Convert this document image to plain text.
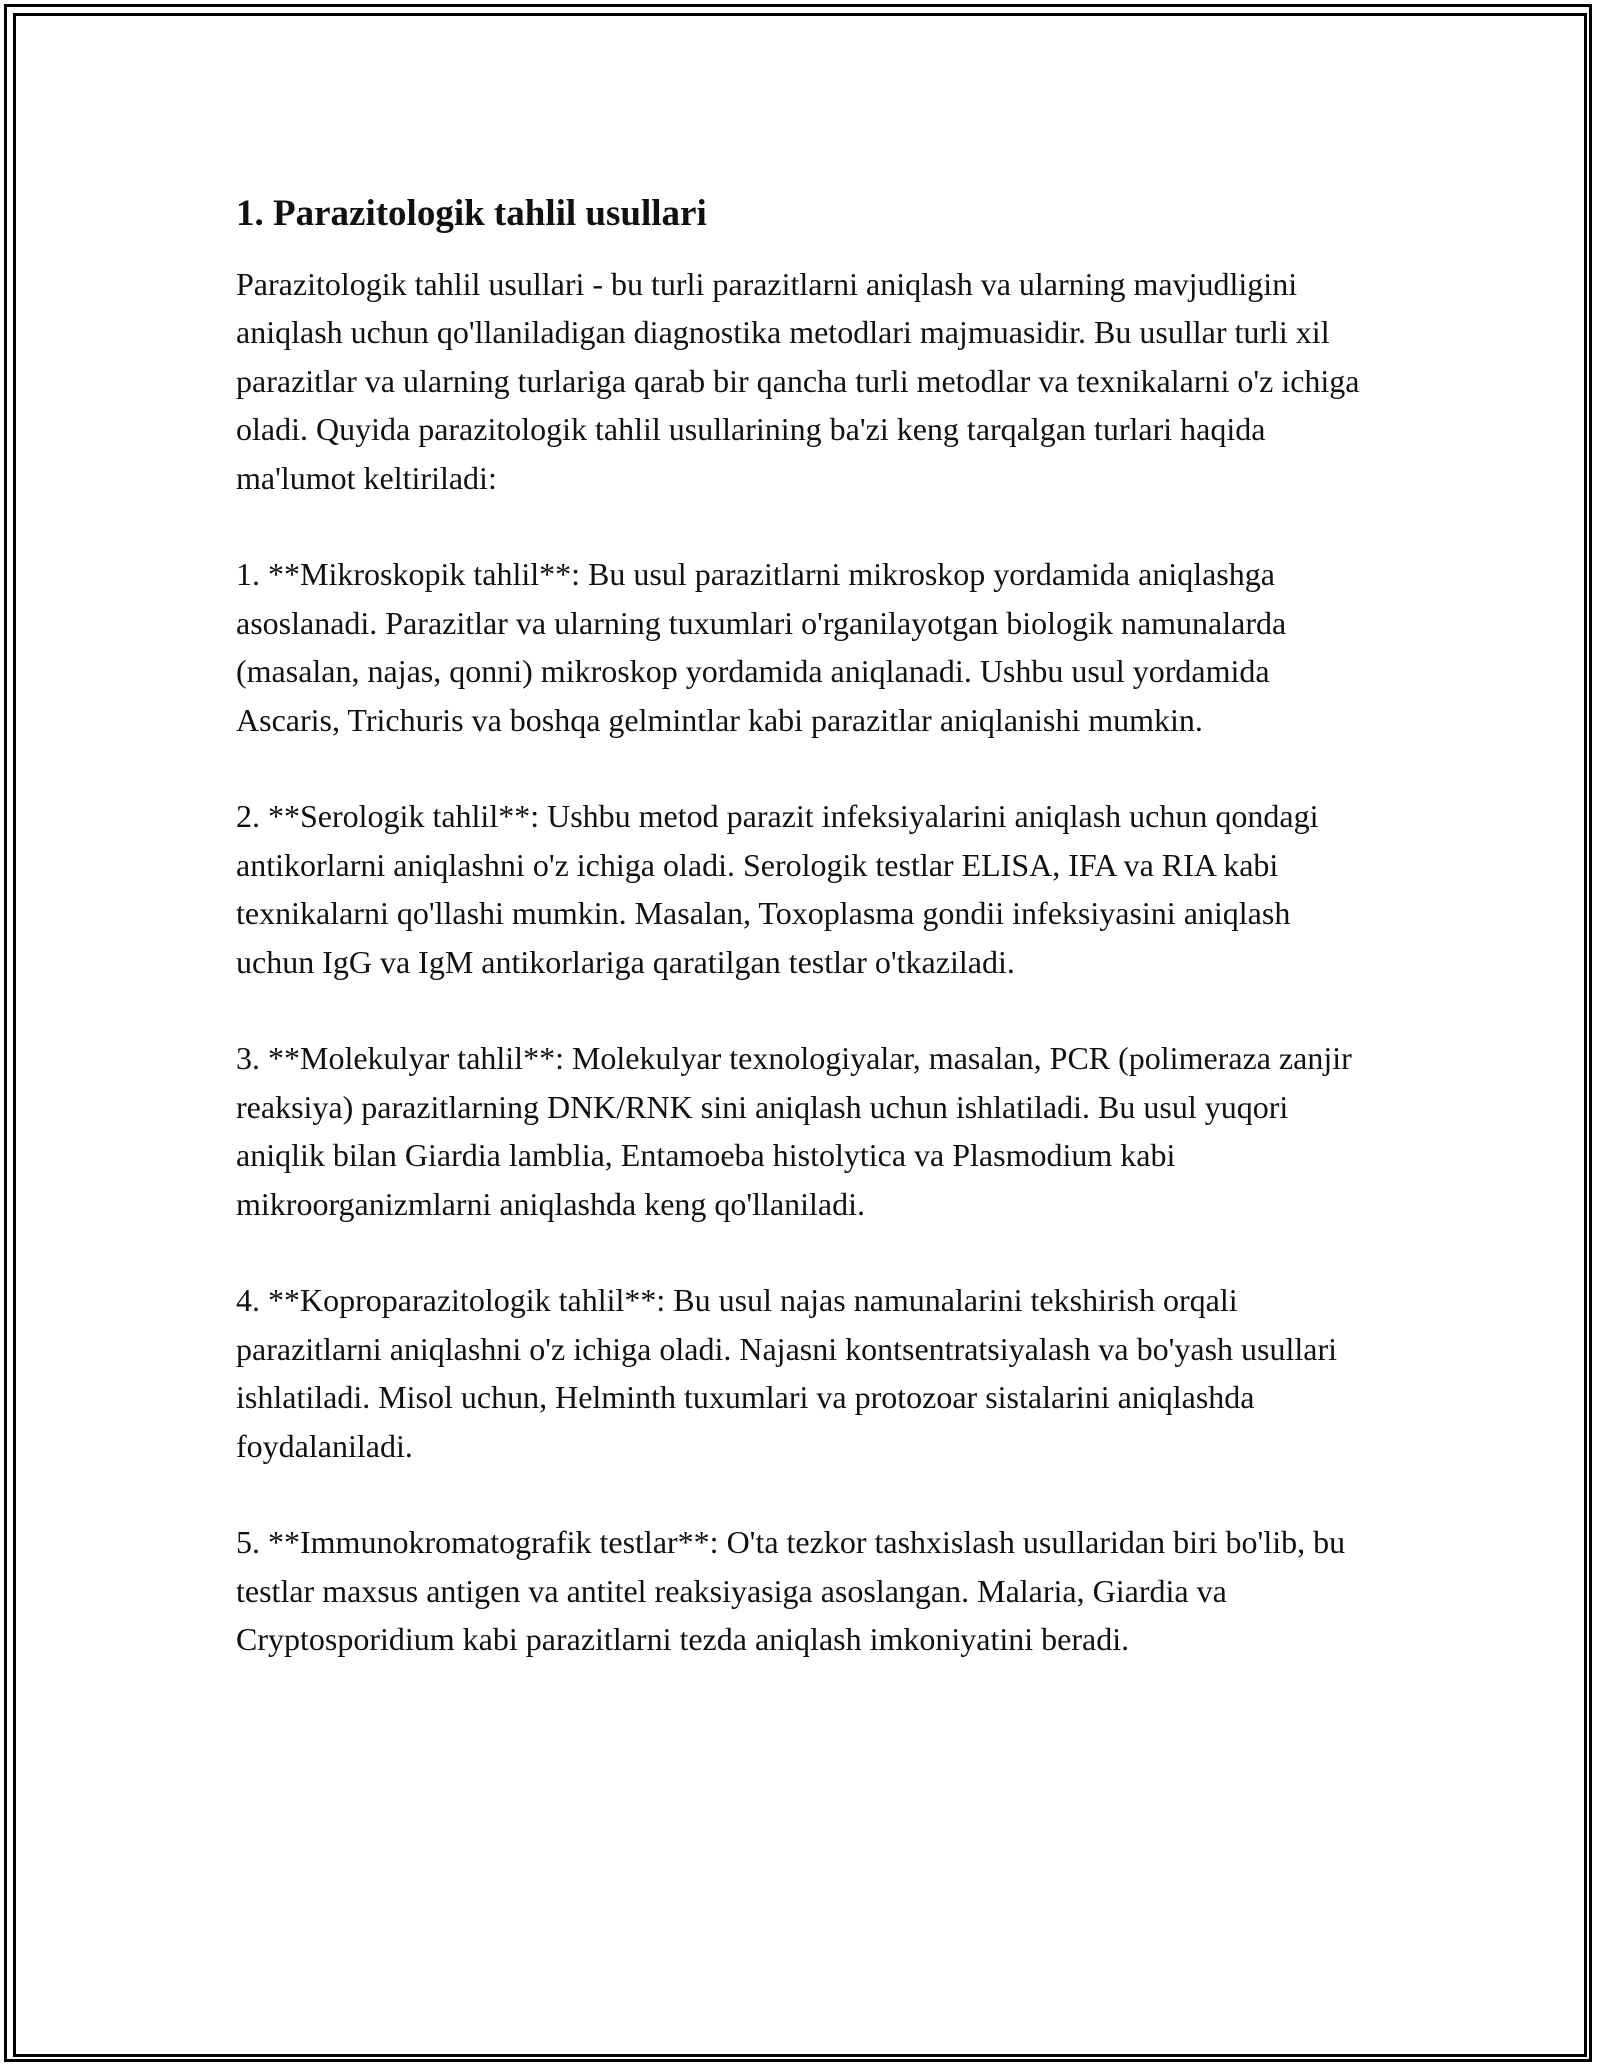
1. Parazitologik tahlil usullari

Parazitologik tahlil usullari - bu turli parazitlarni aniqlash va ularning mavjudligini aniqlash uchun qo'llaniladigan diagnostika metodlari majmuasidir. Bu usullar turli xil parazitlar va ularning turlariga qarab bir qancha turli metodlar va texnikalarni o'z ichiga oladi. Quyida parazitologik tahlil usullarining ba'zi keng tarqalgan turlari haqida ma'lumot keltiriladi:

1. **Mikroskopik tahlil**: Bu usul parazitlarni mikroskop yordamida aniqlashga asoslanadi. Parazitlar va ularning tuxumlari o'rganilayotgan biologik namunalarda (masalan, najas, qonni) mikroskop yordamida aniqlanadi. Ushbu usul yordamida Ascaris, Trichuris va boshqa gelmintlar kabi parazitlar aniqlanishi mumkin.

2. **Serologik tahlil**: Ushbu metod parazit infeksiyalarini aniqlash uchun qondagi antikorlarni aniqlashni o'z ichiga oladi. Serologik testlar ELISA, IFA va RIA kabi texnikalarni qo'llashi mumkin. Masalan, Toxoplasma gondii infeksiyasini aniqlash uchun IgG va IgM antikorlariga qaratilgan testlar o'tkaziladi.

3. **Molekulyar tahlil**: Molekulyar texnologiyalar, masalan, PCR (polimeraza zanjir reaksiya) parazitlarning DNK/RNK sini aniqlash uchun ishlatiladi. Bu usul yuqori aniqlik bilan Giardia lamblia, Entamoeba histolytica va Plasmodium kabi mikroorganizmlarni aniqlashda keng qo'llaniladi.

4. **Koproparazitologik tahlil**: Bu usul najas namunalarini tekshirish orqali parazitlarni aniqlashni o'z ichiga oladi. Najasni kontsentratsiyalash va bo'yash usullari ishlatiladi. Misol uchun, Helminth tuxumlari va protozoar sistalarini aniqlashda foydalaniladi.

5. **Immunokromatografik testlar**: O'ta tezkor tashxislash usullaridan biri bo'lib, bu testlar maxsus antigen va antitel reaksiyasiga asoslangan. Malaria, Giardia va Cryptosporidium kabi parazitlarni tezda aniqlash imkoniyatini beradi.
